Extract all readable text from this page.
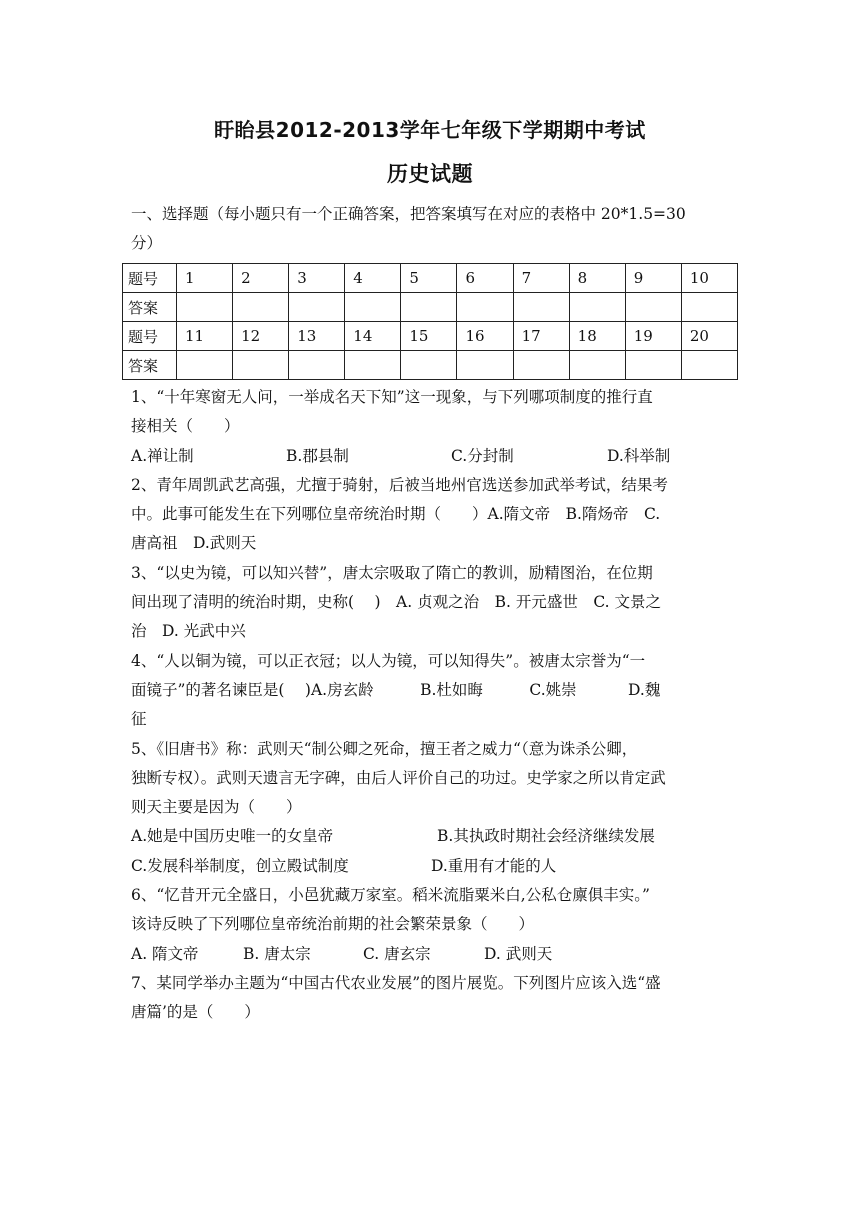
盱眙县2012-2013学年七年级下学期期中考试
历史试题
一、选择题（每小题只有一个正确答案，把答案填写在对应的表格中 20*1.5=30
分）
题号	1	2	3	4	5	6	7	8	9	10
答案										
题号	11	12	13	14	15	16	17	18	19	20
答案										
1、“十年寒窗无人问，一举成名天下知”这一现象，与下列哪项制度的推行直
接相关（　　）
A.禅让制	B.郡县制	C.分封制	D.科举制
2、青年周凯武艺高强，尤擅于骑射，后被当地州官选送参加武举考试，结果考
中。此事可能发生在下列哪位皇帝统治时期（　　）A.隋文帝　B.隋炀帝　C.
唐高祖　D.武则天
3、“以史为镜，可以知兴替”，唐太宗吸取了隋亡的教训，励精图治，在位期
间出现了清明的统治时期，史称(　 )　A. 贞观之治　B. 开元盛世　C. 文景之
治　D. 光武中兴
4、“人以铜为镜，可以正衣冠；以人为镜，可以知得失”。被唐太宗誉为“一
面镜子”的著名谏臣是(　 )A.房玄龄　　　B.杜如晦　　　C.姚崇　　　 D.魏
征
5、《旧唐书》称：武则天“制公卿之死命，擅王者之威力“（意为诛杀公卿，
独断专权）。武则天遗言无字碑，由后人评价自己的功过。史学家之所以肯定武
则天主要是因为（　　）
A.她是中国历史唯一的女皇帝	B.其执政时期社会经济继续发展
C.发展科举制度，创立殿试制度	D.重用有才能的人
6、“忆昔开元全盛日，小邑犹藏万家室。稻米流脂粟米白,公私仓廪俱丰实。”
该诗反映了下列哪位皇帝统治前期的社会繁荣景象（　　）
A. 隋文帝	B. 唐太宗	C. 唐玄宗	D. 武则天
7、某同学举办主题为“中国古代农业发展”的图片展览。下列图片应该入选“盛
唐篇’的是（　　）
